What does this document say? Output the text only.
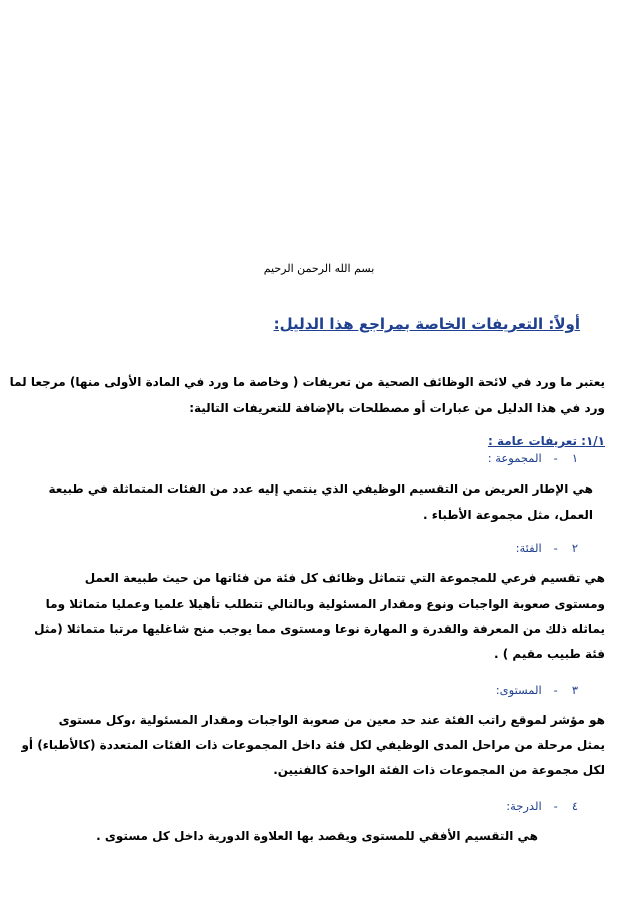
بسم الله الرحمن الرحيم
أولاً: التعريفات الخاصة بمراجع هذا الدليل:
يعتبر ما ورد في لائحة الوظائف الصحية من تعريفات ( وخاصة ما ورد في المادة الأولى منها) مرجعا لما
ورد في هذا الدليل من عبارات أو مصطلحات بالإضافة للتعريفات التالية:
١/١: تعريفات عامة :
١-المجموعة :
هي الإطار العريض من التقسيم الوظيفي الذي ينتمي إليه عدد من الفئات المتماثلة في طبيعة
العمل، مثل مجموعة الأطباء .
٢-الفئة:
هي تقسيم فرعي للمجموعة التي تتماثل وظائف كل فئة من فئاتها من حيث طبيعة العمل
ومستوى صعوبة الواجبات ونوع ومقدار المسئولية وبالتالي تتطلب تأهيلا علميا وعمليا متماثلا وما
يماثله ذلك من المعرفة والقدرة و المهارة نوعا ومستوى مما يوجب منح شاغليها مرتبا متماثلا (مثل
فئة طبيب مقيم ) .
٣-المستوى:
هو مؤشر لموقع راتب الفئة عند حد معين من صعوبة الواجبات ومقدار المسئولية ،وكل مستوى
يمثل مرحلة من مراحل المدى الوظيفي لكل فئة داخل المجموعات ذات الفئات المتعددة (كالأطباء) أو
لكل مجموعة من المجموعات ذات الفئة الواحدة كالفنيين.
٤-الدرجة:
هي التقسيم الأفقي للمستوى ويقصد بها العلاوة الدورية داخل كل مستوى .
